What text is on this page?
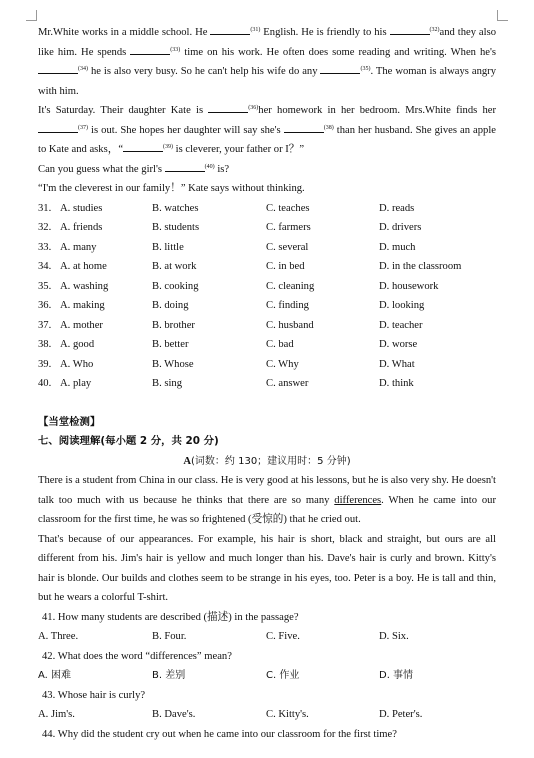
Mr.White works in a middle school. He	$^{(31)}$ English. He is friendly to his	$^{(32)}$and they also like him. He spends	$^{(33)}$ time on his work. He often does some reading and writing. When he's $^{(34)}$ he is also very busy. So he can't help his wife do any	$^{(35)}$. The woman is always angry with him.
It's Saturday. Their daughter Kate is	$^{(36)}$her homework in her bedroom. Mrs.White finds her $^{(37)}$ is out. She hopes her daughter will say she's	$^{(38)}$ than her husband. She gives an apple to Kate and asks，“	$^{(39)}$ is cleverer, your father or I？”
Can you guess what the girl's	$^{(40)}$ is?
“I'm the cleverest in our family！” Kate says without thinking.
31. A. studies	B. watches	C. teaches	D. reads
32. A. friends	B. students	C. farmers	D. drivers
33. A. many	B. little	C. several	D. much
34. A. at home	B. at work	C. in bed	D. in the classroom
35. A. washing	B. cooking	C. cleaning	D. housework
36. A. making	B. doing	C. finding	D. looking
37. A. mother	B. brother	C. husband	D. teacher
38. A. good	B. better	C. bad	D. worse
39. A. Who	B. Whose	C. Why	D. What
40. A. play	B. sing	C. answer	D. think
【当堂检测】
七、阅读理解(每小题 2 分，共 20 分)
A(词数：约 130；建议用时：5 分钟)
There is a student from China in our class. He is very good at his lessons, but he is also very shy. He doesn't talk too much with us because he thinks that there are so many differences. When he came into our classroom for the first time, he was so frightened (受惊的) that he cried out.
That's because of our appearances. For example, his hair is short, black and straight, but ours are all different from his. Jim's hair is yellow and much longer than his. Dave's hair is curly and brown. Kitty's hair is blonde. Our builds and clothes seem to be strange in his eyes, too. Peter is a boy. He is tall and thin, but he wears a colorful T-shirt.
41. How many students are described (描述) in the passage?
A. Three.	B. Four.	C. Five.	D. Six.
42. What does the word “differences” mean?
A. 困难	B. 差别	C. 作业	D. 事情
43. Whose hair is curly?
A. Jim's.	B. Dave's.	C. Kitty's.	D. Peter's.
44. Why did the student cry out when he came into our classroom for the first time?
